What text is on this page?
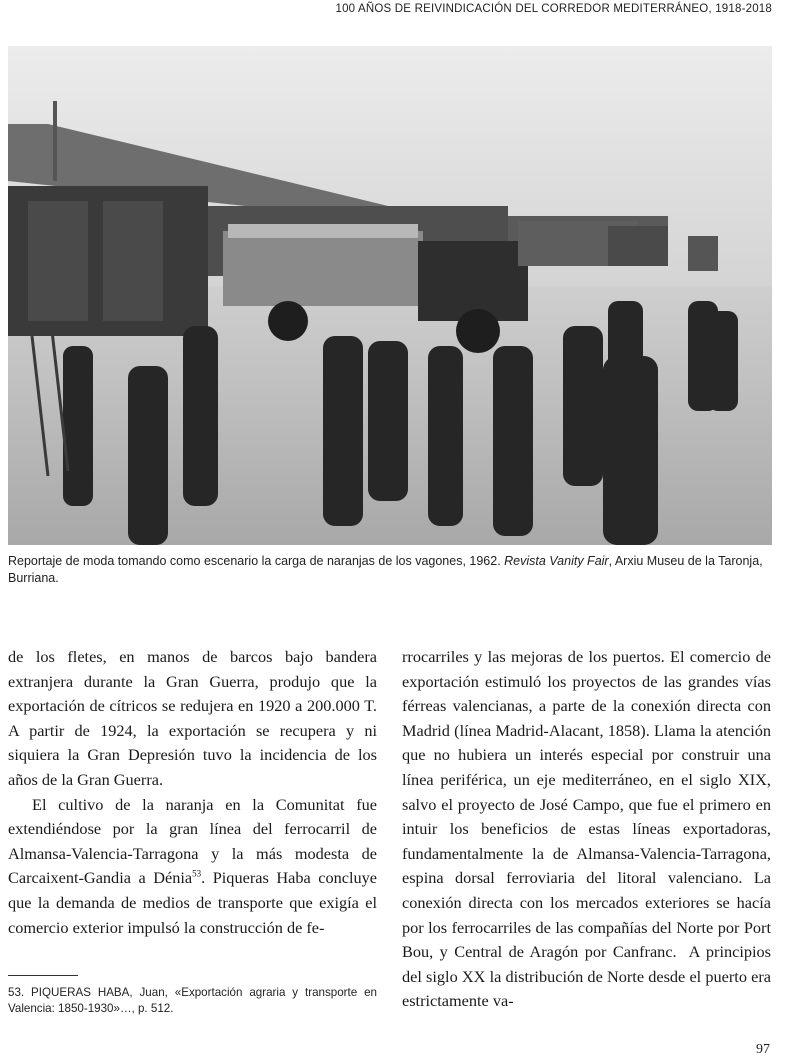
100 AÑOS DE REIVINDICACIÓN DEL CORREDOR MEDITERRÁNEO, 1918-2018
Reportaje de moda tomando como escenario la carga de naranjas de los vagones, 1962. Revista Vanity Fair, Arxiu Museu de la Taronja, Burriana.

de los fletes, en manos de barcos bajo bandera extranjera durante la Gran Guerra, produjo que la exportación de cítricos se redujera en 1920 a 200.000 T. A partir de 1924, la exportación se recupera y ni siquiera la Gran Depresión tuvo la incidencia de los años de la Gran Guerra.

El cultivo de la naranja en la Comunitat fue extendiéndose por la gran línea del ferrocarril de Almansa-Valencia-Tarragona y la más modesta de Carcaixent-Gandia a Dénia$^{53}$. Piqueras Haba concluye que la demanda de medios de transporte que exigía el comercio exterior impulsó la construcción de fe-

rrocarriles y las mejoras de los puertos. El comercio de exportación estimuló los proyectos de las grandes vías férreas valencianas, a parte de la conexión directa con Madrid (línea Madrid-Alacant, 1858). Llama la atención que no hubiera un interés especial por construir una línea periférica, un eje mediterráneo, en el siglo XIX, salvo el proyecto de José Campo, que fue el primero en intuir los beneficios de estas líneas exportadoras, fundamentalmente la de Almansa-Valencia-Tarragona, espina dorsal ferroviaria del litoral valenciano. La conexión directa con los mercados exteriores se hacía por los ferrocarriles de las compañías del Norte por Port Bou, y Central de Aragón por Canfranc.  A principios del siglo XX la distribución de Norte desde el puerto era estrictamente va-

53. PIQUERAS HABA, Juan, «Exportación agraria y transporte en Valencia: 1850-1930»…, p. 512.
97
